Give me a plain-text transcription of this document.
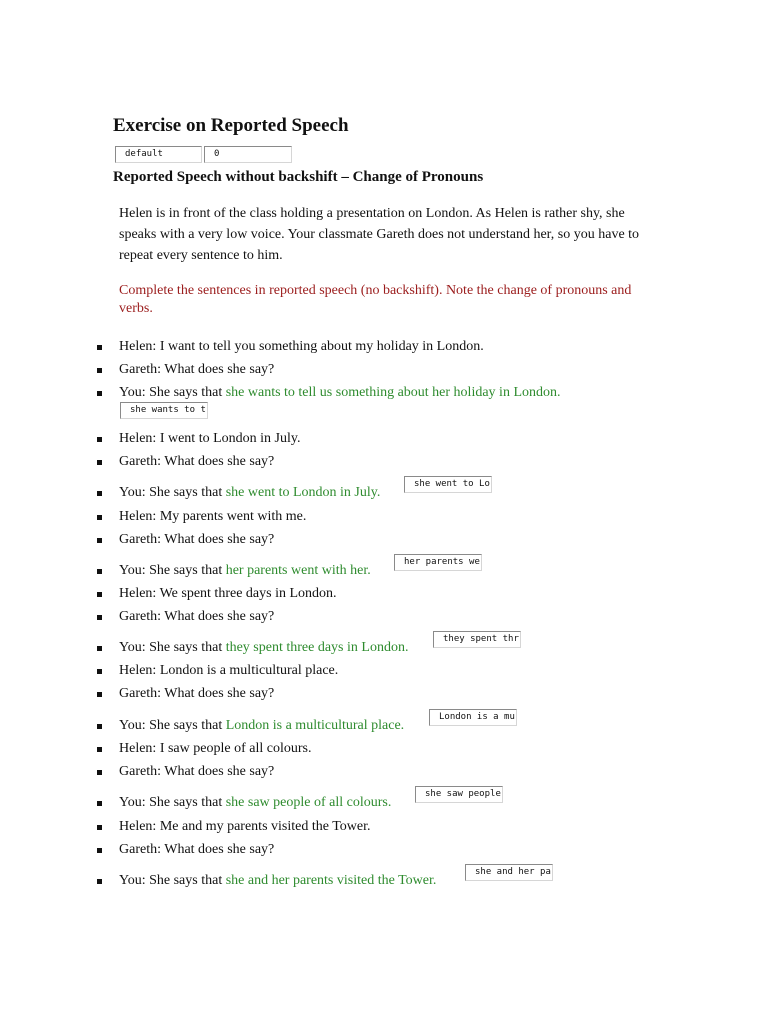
Exercise on Reported Speech
default	0
Reported Speech without backshift – Change of Pronouns
Helen is in front of the class holding a presentation on London. As Helen is rather shy, she speaks with a very low voice. Your classmate Gareth does not understand her, so you have to repeat every sentence to him.
Complete the sentences in reported speech (no backshift). Note the change of pronouns and verbs.
Helen: I want to tell you something about my holiday in London.
Gareth: What does she say?
You: She says that she wants to tell us something about her holiday in London.
she wants to t
Helen: I went to London in July.
Gareth: What does she say?
You: She says that she went to London in July.
she went to Lo
Helen: My parents went with me.
Gareth: What does she say?
You: She says that her parents went with her.
her parents we
Helen: We spent three days in London.
Gareth: What does she say?
You: She says that they spent three days in London.
they spent thr
Helen: London is a multicultural place.
Gareth: What does she say?
You: She says that London is a multicultural place.
London is a mu
Helen: I saw people of all colours.
Gareth: What does she say?
You: She says that she saw people of all colours.
she saw people
Helen: Me and my parents visited the Tower.
Gareth: What does she say?
You: She says that she and her parents visited the Tower.
she and her pa
